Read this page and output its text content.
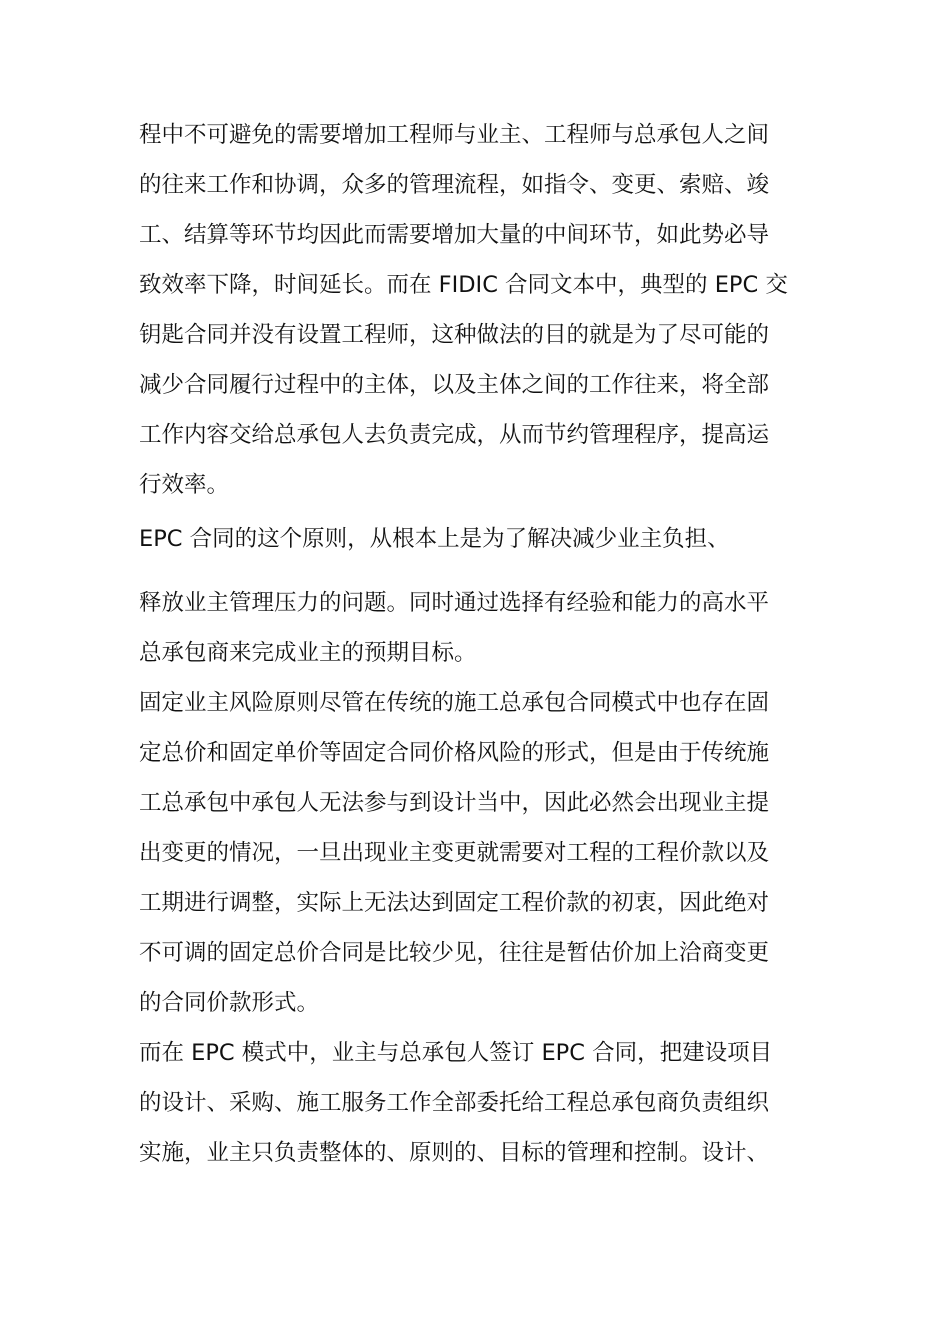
程中不可避免的需要增加工程师与业主、工程师与总承包人之间
的往来工作和协调，众多的管理流程，如指令、变更、索赔、竣
工、结算等环节均因此而需要增加大量的中间环节，如此势必导
致效率下降，时间延长。而在 FIDIC 合同文本中，典型的 EPC 交
钥匙合同并没有设置工程师，这种做法的目的就是为了尽可能的
减少合同履行过程中的主体，以及主体之间的工作往来，将全部
工作内容交给总承包人去负责完成，从而节约管理程序，提高运
行效率。
EPC 合同的这个原则，从根本上是为了解决减少业主负担、
释放业主管理压力的问题。同时通过选择有经验和能力的高水平
总承包商来完成业主的预期目标。
固定业主风险原则尽管在传统的施工总承包合同模式中也存在固
定总价和固定单价等固定合同价格风险的形式，但是由于传统施
工总承包中承包人无法参与到设计当中，因此必然会出现业主提
出变更的情况，一旦出现业主变更就需要对工程的工程价款以及
工期进行调整，实际上无法达到固定工程价款的初衷，因此绝对
不可调的固定总价合同是比较少见，往往是暂估价加上洽商变更
的合同价款形式。
而在 EPC 模式中，业主与总承包人签订 EPC 合同，把建设项目
的设计、采购、施工服务工作全部委托给工程总承包商负责组织
实施，业主只负责整体的、原则的、目标的管理和控制。设计、
